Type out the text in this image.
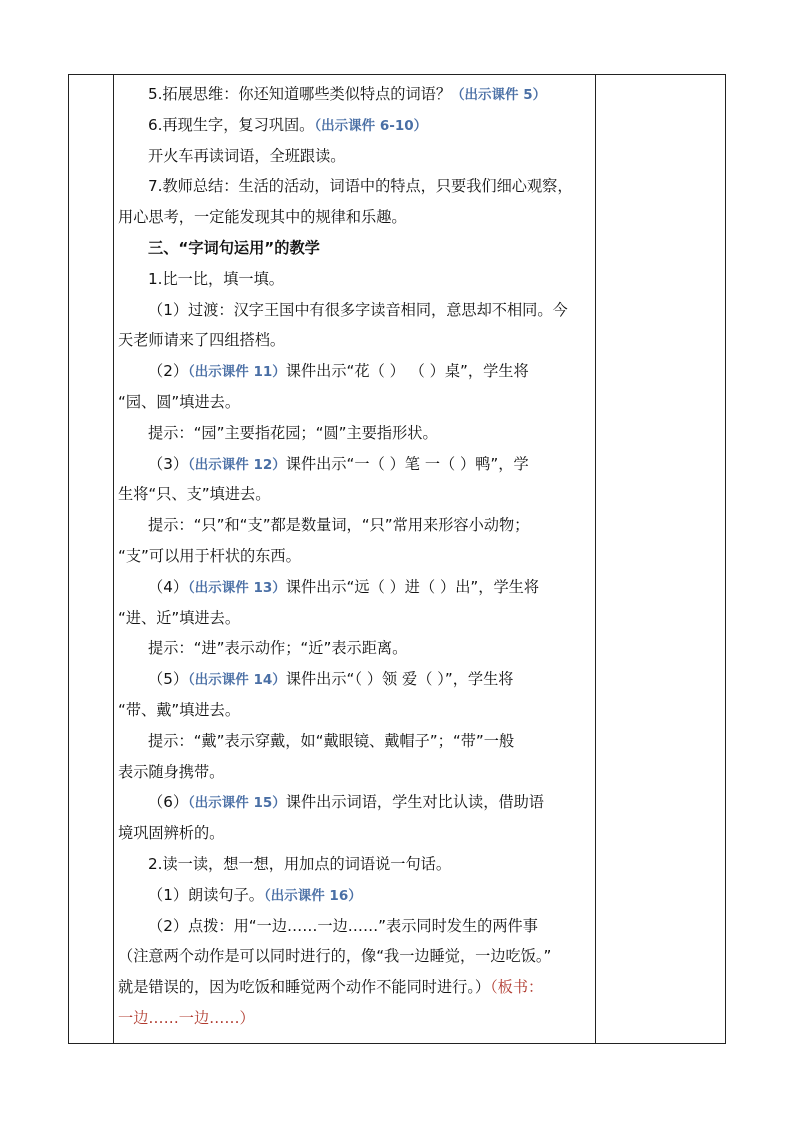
5.拓展思维：你还知道哪些类似特点的词语？（出示课件 5）
6.再现生字，复习巩固。（出示课件 6-10）
开火车再读词语，全班跟读。
7.教师总结：生活的活动，词语中的特点，只要我们细心观察，
用心思考，一定能发现其中的规律和乐趣。
三、“字词句运用”的教学
1.比一比，填一填。
（1）过渡：汉字王国中有很多字读音相同，意思却不相同。今
天老师请来了四组搭档。
（2）（出示课件 11）课件出示“花（ ） （ ）桌”，学生将
“园、圆”填进去。
提示：“园”主要指花园；“圆”主要指形状。
（3）（出示课件 12）课件出示“一（ ）笔 一（ ）鸭”，学
生将“只、支”填进去。
提示：“只”和“支”都是数量词，“只”常用来形容小动物；
“支”可以用于杆状的东西。
（4）（出示课件 13）课件出示“远（ ）进（ ）出”，学生将
“进、近”填进去。
提示：“进”表示动作；“近”表示距离。
（5）（出示课件 14）课件出示“（ ）领 爱（ ）”，学生将
“带、戴”填进去。
提示：“戴”表示穿戴，如“戴眼镜、戴帽子”；“带”一般
表示随身携带。
（6）（出示课件 15）课件出示词语，学生对比认读，借助语
境巩固辨析的。
2.读一读，想一想，用加点的词语说一句话。
（1）朗读句子。（出示课件 16）
（2）点拨：用“一边……一边……”表示同时发生的两件事
（注意两个动作是可以同时进行的，像“我一边睡觉，一边吃饭。”
就是错误的，因为吃饭和睡觉两个动作不能同时进行。）（板书：
一边……一边……）
